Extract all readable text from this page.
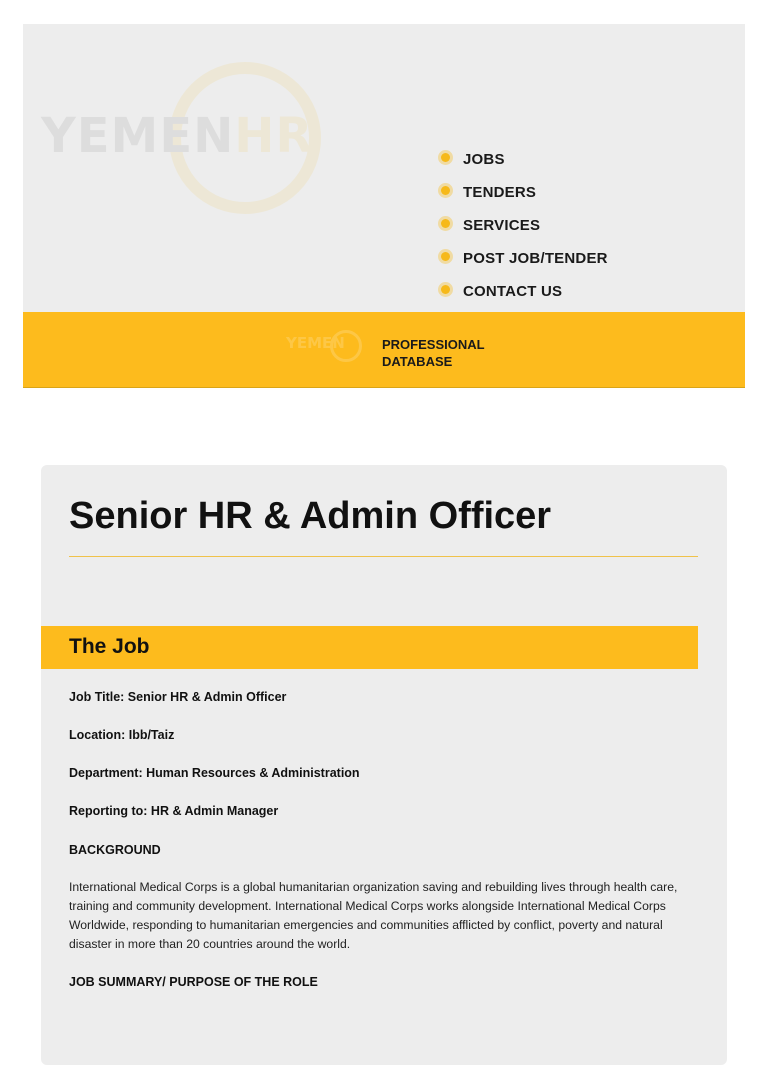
YEMENHR	JOBS
TENDERS
SERVICES
POST JOB/TENDER
CONTACT US
YEMEN	PROFESSIONAL
DATABASE
Senior HR & Admin Officer
The Job
Job Title: Senior HR & Admin Officer
Location: Ibb/Taiz
Department: Human Resources & Administration
Reporting to: HR & Admin Manager
BACKGROUND

International Medical Corps is a global humanitarian organization saving and rebuilding lives through health care, training and community development. International Medical Corps works alongside International Medical Corps Worldwide, responding to humanitarian emergencies and communities afflicted by conflict, poverty and natural disaster in more than 20 countries around the world.

JOB SUMMARY/ PURPOSE OF THE ROLE
